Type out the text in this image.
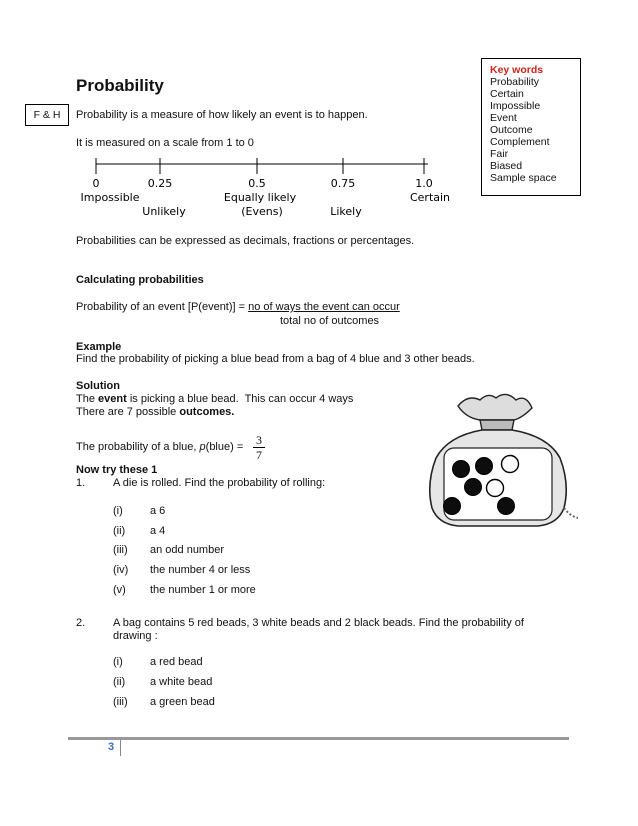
Probability
F & H
Key words
Probability
Certain
Impossible
Event
Outcome
Complement
Fair
Biased
Sample space
Probability is a measure of how likely an event is to happen.
It is measured on a scale from 1 to 0
0	0.25	0.5	0.75	1.0
Impossible	Equally likely	Certain
Unlikely	(Evens)	Likely
Probabilities can be expressed as decimals, fractions or percentages.
Calculating probabilities
Probability of an event [P(event)] = no of ways the event can occur
total no of outcomes
Example
Find the probability of picking a blue bead from a bag of 4 blue and 3 other beads.
Solution
The event is picking a blue bead.  This can occur 4 ways
There are 7 possible outcomes.
The probability of a blue, p(blue) = $\frac{3}{7}$
Now try these 1
1.	A die is rolled. Find the probability of rolling:
(i) a 6
(ii) a 4
(iii) an odd number
(iv) the number 4 or less
(v) the number 1 or more
2.	A bag contains 5 red beads, 3 white beads and 2 black beads. Find the probability of
drawing :
(i) a red bead
(ii) a white bead
(iii) a green bead
3
